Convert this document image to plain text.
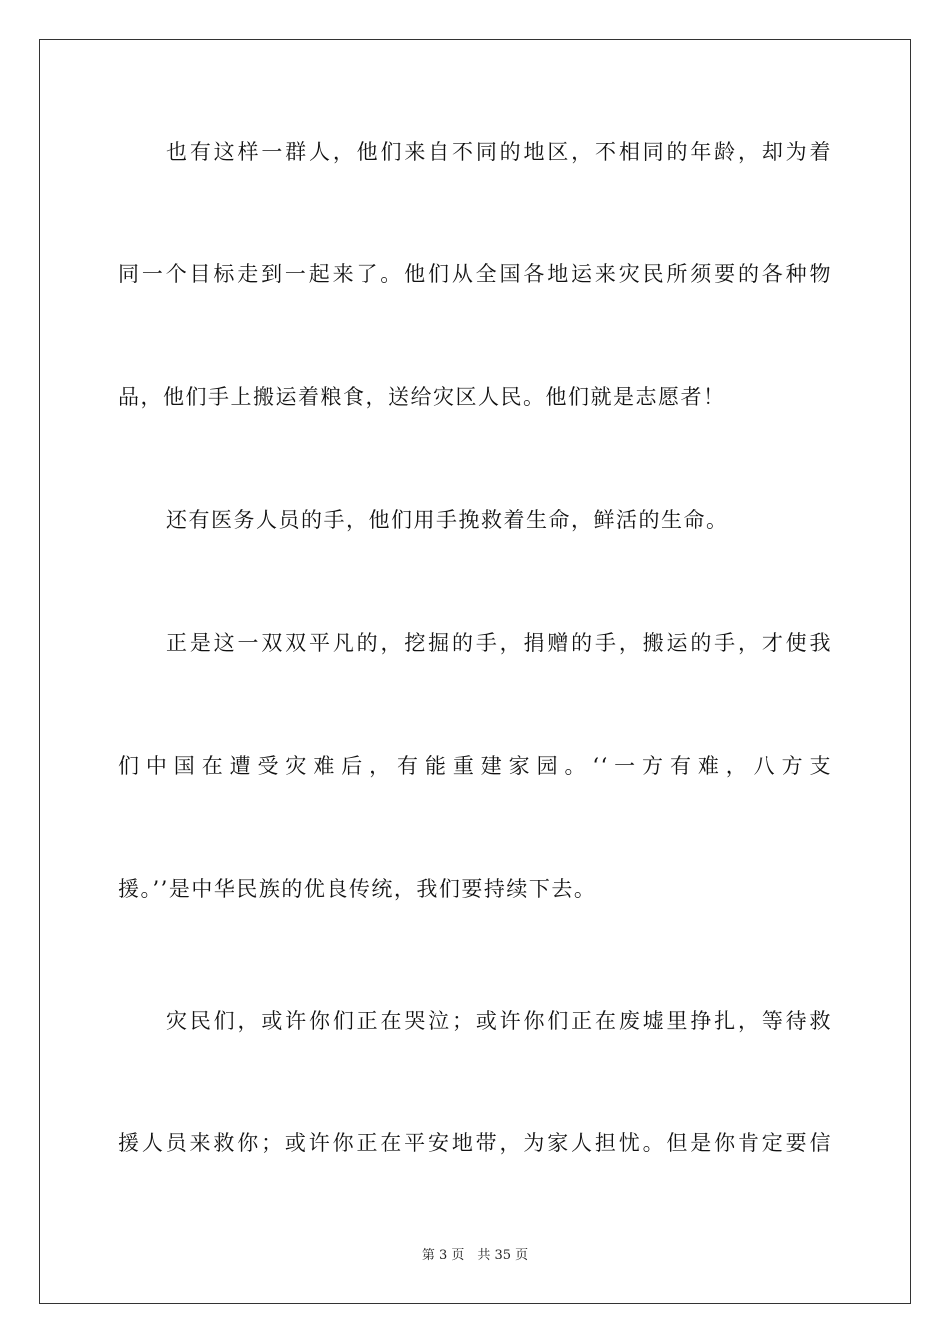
也有这样一群人，他们来自不同的地区，不相同的年龄，却为着
同一个目标走到一起来了。他们从全国各地运来灾民所须要的各种物
品，他们手上搬运着粮食，送给灾区人民。他们就是志愿者！
还有医务人员的手，他们用手挽救着生命，鲜活的生命。
正是这一双双平凡的，挖掘的手，捐赠的手，搬运的手，才使我
们中国在遭受灾难后，有能重建家园。‘‘一方有难，八方支
援。’’是中华民族的优良传统，我们要持续下去。
灾民们，或许你们正在哭泣；或许你们正在废墟里挣扎，等待救
援人员来救你；或许你正在平安地带，为家人担忧。但是你肯定要信
第 3 页　共 35 页
